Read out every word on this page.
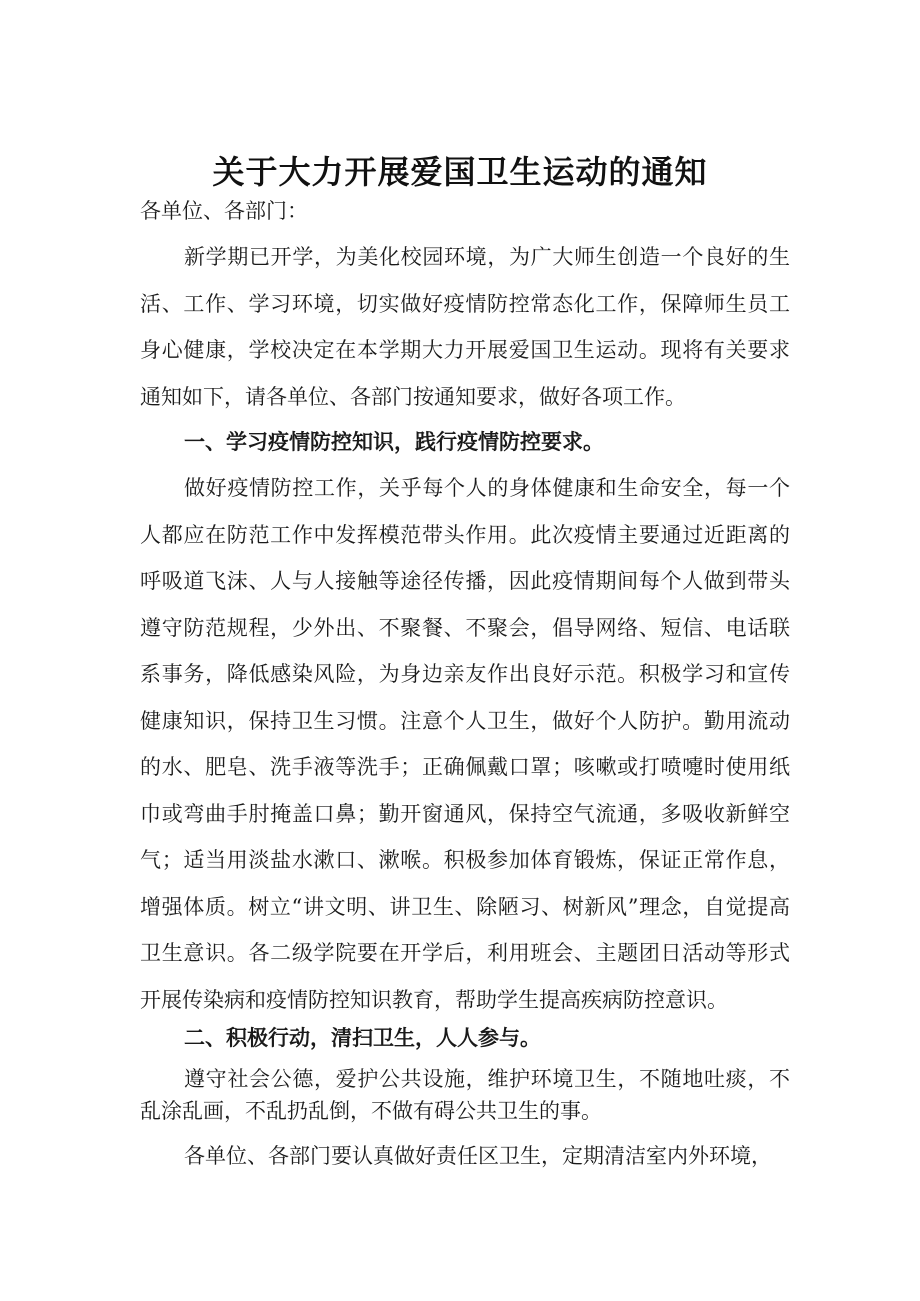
关于大力开展爱国卫生运动的通知

各单位、各部门：

新学期已开学，为美化校园环境，为广大师生创造一个良好的生活、工作、学习环境，切实做好疫情防控常态化工作，保障师生员工身心健康，学校决定在本学期大力开展爱国卫生运动。现将有关要求通知如下，请各单位、各部门按通知要求，做好各项工作。

一、学习疫情防控知识，践行疫情防控要求。

做好疫情防控工作，关乎每个人的身体健康和生命安全，每一个人都应在防范工作中发挥模范带头作用。此次疫情主要通过近距离的呼吸道飞沫、人与人接触等途径传播，因此疫情期间每个人做到带头遵守防范规程，少外出、不聚餐、不聚会，倡导网络、短信、电话联系事务，降低感染风险，为身边亲友作出良好示范。积极学习和宣传健康知识，保持卫生习惯。注意个人卫生，做好个人防护。勤用流动的水、肥皂、洗手液等洗手；正确佩戴口罩；咳嗽或打喷嚏时使用纸巾或弯曲手肘掩盖口鼻；勤开窗通风，保持空气流通，多吸收新鲜空气；适当用淡盐水漱口、漱喉。积极参加体育锻炼，保证正常作息，增强体质。树立“讲文明、讲卫生、除陋习、树新风”理念，自觉提高卫生意识。各二级学院要在开学后，利用班会、主题团日活动等形式开展传染病和疫情防控知识教育，帮助学生提高疾病防控意识。

二、积极行动，清扫卫生，人人参与。

遵守社会公德，爱护公共设施，维护环境卫生，不随地吐痰，不乱涂乱画，不乱扔乱倒，不做有碍公共卫生的事。

各单位、各部门要认真做好责任区卫生，定期清洁室内外环境，
